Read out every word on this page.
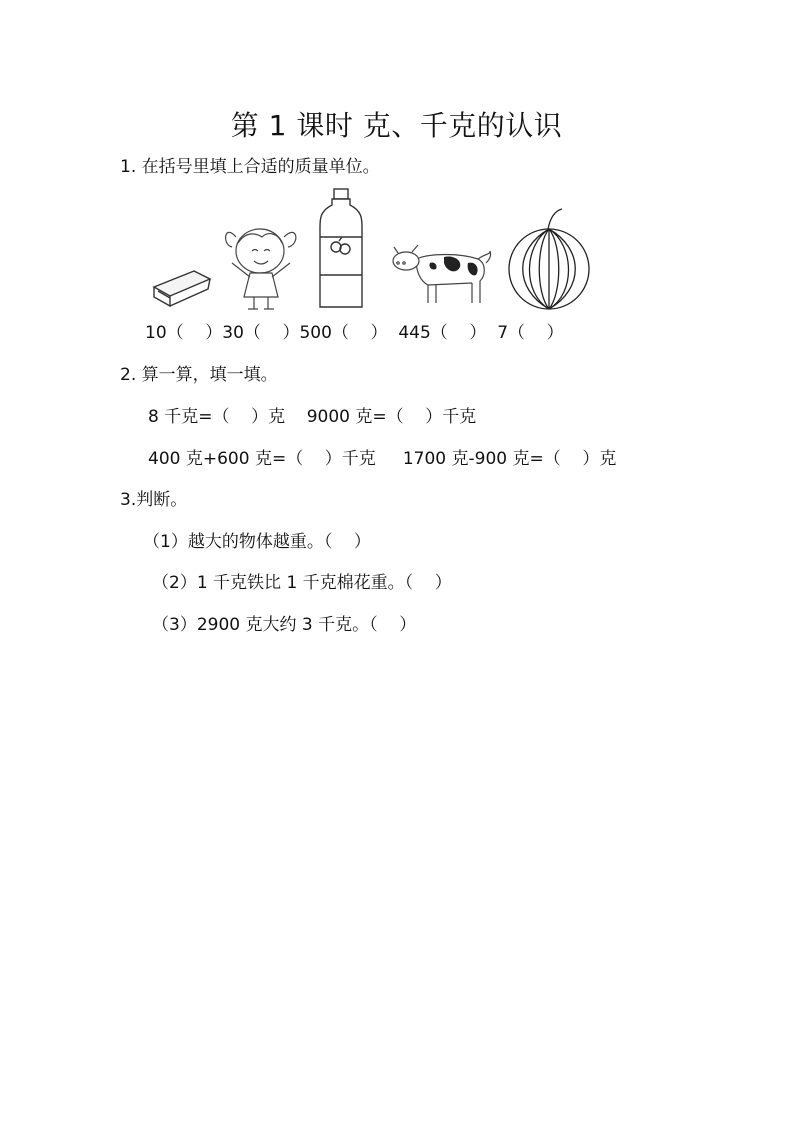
第 1 课时 克、千克的认识
1. 在括号里填上合适的质量单位。
10（    ）30（    ）500（    ）  445（    ）  7（    ）
2. 算一算，填一填。
8 千克=（    ）克    9000 克=（    ）千克
400 克+600 克=（    ）千克     1700 克-900 克=（    ）克
3.判断。
（1）越大的物体越重。（    ）
（2）1 千克铁比 1 千克棉花重。（    ）
（3）2900 克大约 3 千克。（    ）
